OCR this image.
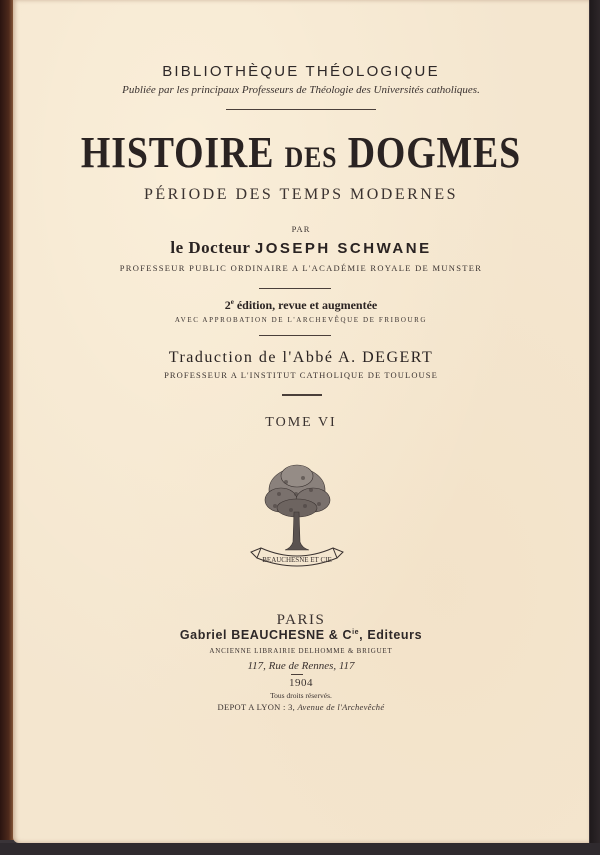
BIBLIOTHÈQUE THÉOLOGIQUE
Publiée par les principaux Professeurs de Théologie des Universités catholiques.
HISTOIRE DES DOGMES
PÉRIODE DES TEMPS MODERNES
PAR
le Docteur JOSEPH SCHWANE
PROFESSEUR PUBLIC ORDINAIRE A L'ACADÉMIE ROYALE DE MUNSTER
2e édition, revue et augmentée
AVEC APPROBATION DE L'ARCHEVÊQUE DE FRIBOURG
Traduction de l'Abbé A. DEGERT
PROFESSEUR A L'INSTITUT CATHOLIQUE DE TOULOUSE
TOME VI
BEAUCHESNE ET CIE
PARIS
Gabriel BEAUCHESNE & $C^{ie}$, Editeurs
ANCIENNE LIBRAIRIE DELHOMME & BRIGUET
117, Rue de Rennes, 117
1904
Tous droits réservés.
DEPOT A LYON : 3, Avenue de l'Archevêché
